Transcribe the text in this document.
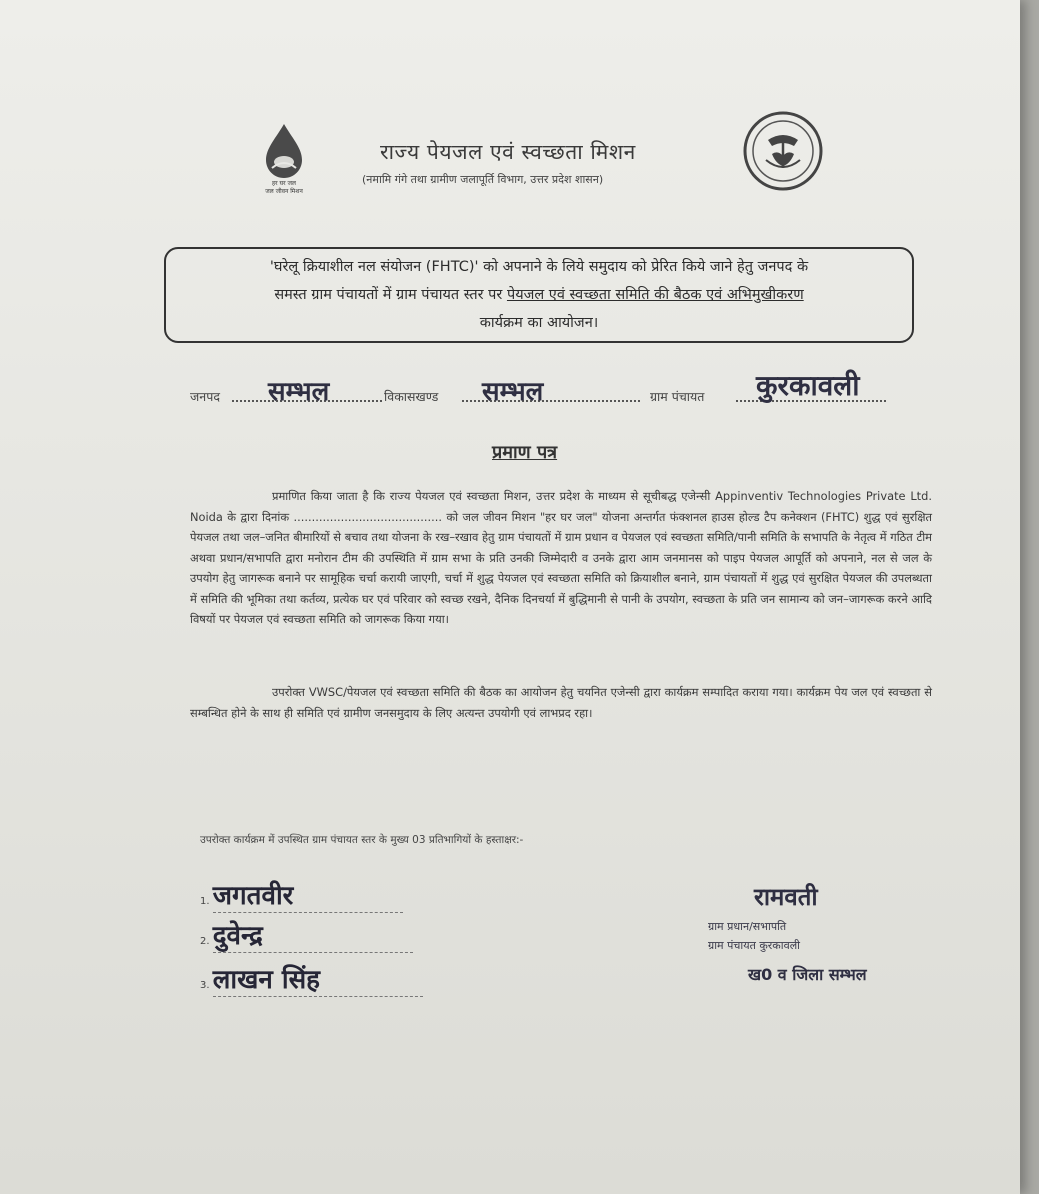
हर घर जल
जल जीवन मिशन
राज्य पेयजल एवं स्वच्छता मिशन
(नमामि गंगे तथा ग्रामीण जलापूर्ति विभाग, उत्तर प्रदेश शासन)
'घरेलू क्रियाशील नल संयोजन (FHTC)' को अपनाने के लिये समुदाय को प्रेरित किये जाने हेतु जनपद के
समस्त ग्राम पंचायतों में ग्राम पंचायत स्तर पर पेयजल एवं स्वच्छता समिति की बैठक एवं अभिमुखीकरण
कार्यक्रम का आयोजन।
जनपद सम्भल	विकासखण्ड सम्भल	ग्राम पंचायत कुरकावली
प्रमाण पत्र
प्रमाणित किया जाता है कि राज्य पेयजल एवं स्वच्छता मिशन, उत्तर प्रदेश के माध्यम से सूचीबद्ध एजेन्सी Appinventiv Technologies Private Ltd. Noida के द्वारा दिनांक ......................................... को जल जीवन मिशन "हर घर जल" योजना अन्तर्गत फंक्शनल हाउस होल्ड टैप कनेक्शन (FHTC) शुद्ध एवं सुरक्षित पेयजल तथा जल–जनित बीमारियों से बचाव तथा योजना के रख–रखाव हेतु ग्राम पंचायतों में ग्राम प्रधान व पेयजल एवं स्वच्छता समिति/पानी समिति के सभापति के नेतृत्व में गठित टीम अथवा प्रधान/सभापति द्वारा मनोरान टीम की उपस्थिति में ग्राम सभा के प्रति उनकी जिम्मेदारी व उनके द्वारा आम जनमानस को पाइप पेयजल आपूर्ति को अपनाने, नल से जल के उपयोग हेतु जागरूक बनाने पर सामूहिक चर्चा करायी जाएगी, चर्चा में शुद्ध पेयजल एवं स्वच्छता समिति को क्रियाशील बनाने, ग्राम पंचायतों में शुद्ध एवं सुरक्षित पेयजल की उपलब्धता में समिति की भूमिका तथा कर्तव्य, प्रत्येक घर एवं परिवार को स्वच्छ रखने, दैनिक दिनचर्या में बुद्धिमानी से पानी के उपयोग, स्वच्छता के प्रति जन सामान्य को जन–जागरूक करने आदि विषयों पर पेयजल एवं स्वच्छता समिति को जागरूक किया गया।
उपरोक्त VWSC/पेयजल एवं स्वच्छता समिति की बैठक का आयोजन हेतु चयनित एजेन्सी द्वारा कार्यक्रम सम्पादित कराया गया। कार्यक्रम पेय जल एवं स्वच्छता से सम्बन्धित होने के साथ ही समिति एवं ग्रामीण जनसमुदाय के लिए अत्यन्त उपयोगी एवं लाभप्रद रहा।
उपरोक्त कार्यक्रम में उपस्थित ग्राम पंचायत स्तर के मुख्य 03 प्रतिभागियों के हस्ताक्षर:-
1. जगतवीर
2. दुवेन्द्र
3. लाखन सिंह
रामवती
ग्राम प्रधान/सभापति
ग्राम पंचायत कुरकावली
ख0 व जिला सम्भल
